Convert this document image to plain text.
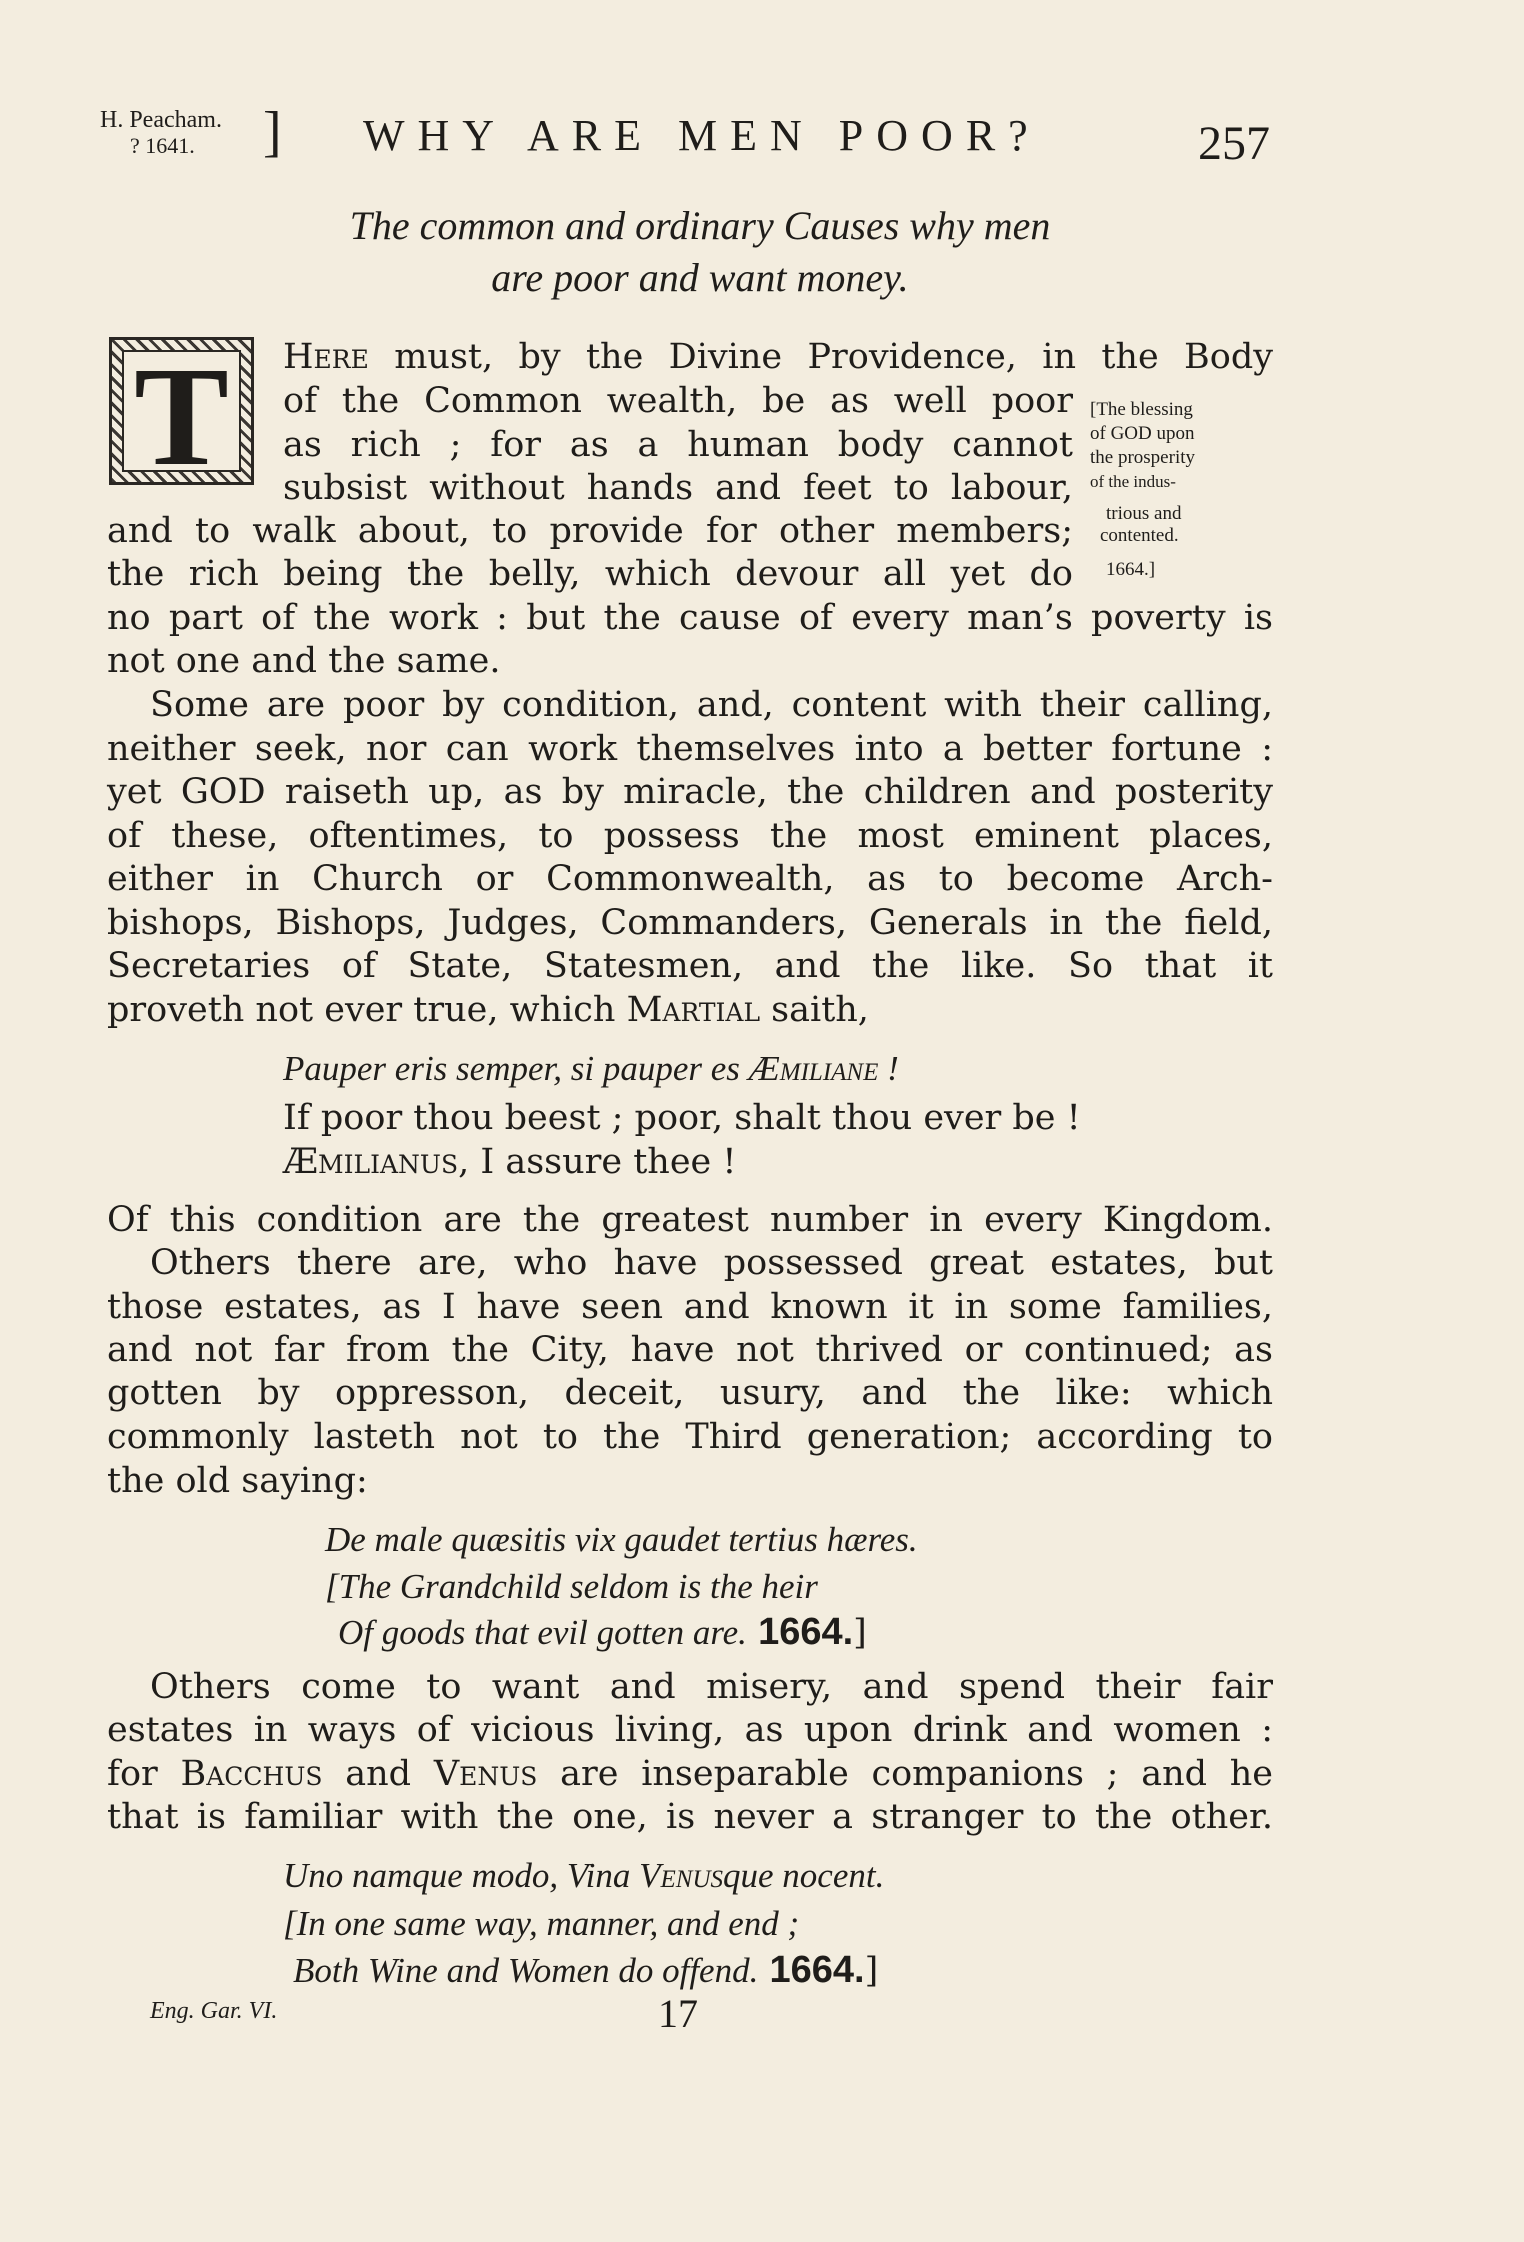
H. Peacham.
? 1641.	] WHY ARE MEN POOR?	257
The common and ordinary Causes why men
are poor and want money.
T Here must, by the Divine Providence, in the Body
of the Common wealth, be as well poor
as rich ; for as a human body cannot
subsist without hands and feet to labour,
and to walk about, to provide for other members;
the rich being the belly, which devour all yet do
no part of the work : but the cause of every man’s poverty is
not one and the same.
[The blessing
of GOD upon
the prosperity
of the indus-
trious and
contented.
1664.]
Some are poor by condition, and, content with their calling,
neither seek, nor can work themselves into a better fortune :
yet GOD raiseth up, as by miracle, the children and posterity
of these, oftentimes, to possess the most eminent places,
either in Church or Commonwealth, as to become Arch-
bishops, Bishops, Judges, Commanders, Generals in the field,
Secretaries of State, Statesmen, and the like. So that it
proveth not ever true, which Martial saith,
Pauper eris semper, si pauper es Æmiliane !
If poor thou beest ; poor, shalt thou ever be !
Æmilianus, I assure thee !
Of this condition are the greatest number in every Kingdom.
Others there are, who have possessed great estates, but
those estates, as I have seen and known it in some families,
and not far from the City, have not thrived or continued; as
gotten by oppresson, deceit, usury, and the like: which
commonly lasteth not to the Third generation; according to
the old saying:
De male quæsitis vix gaudet tertius hæres.
[The Grandchild seldom is the heir
Of goods that evil gotten are. 1664.]
Others come to want and misery, and spend their fair
estates in ways of vicious living, as upon drink and women :
for Bacchus and Venus are inseparable companions ; and he
that is familiar with the one, is never a stranger to the other.
Uno namque modo, Vina Venusque nocent.
[In one same way, manner, and end ;
Both Wine and Women do offend. 1664.]
Eng. Gar. VI.	17
